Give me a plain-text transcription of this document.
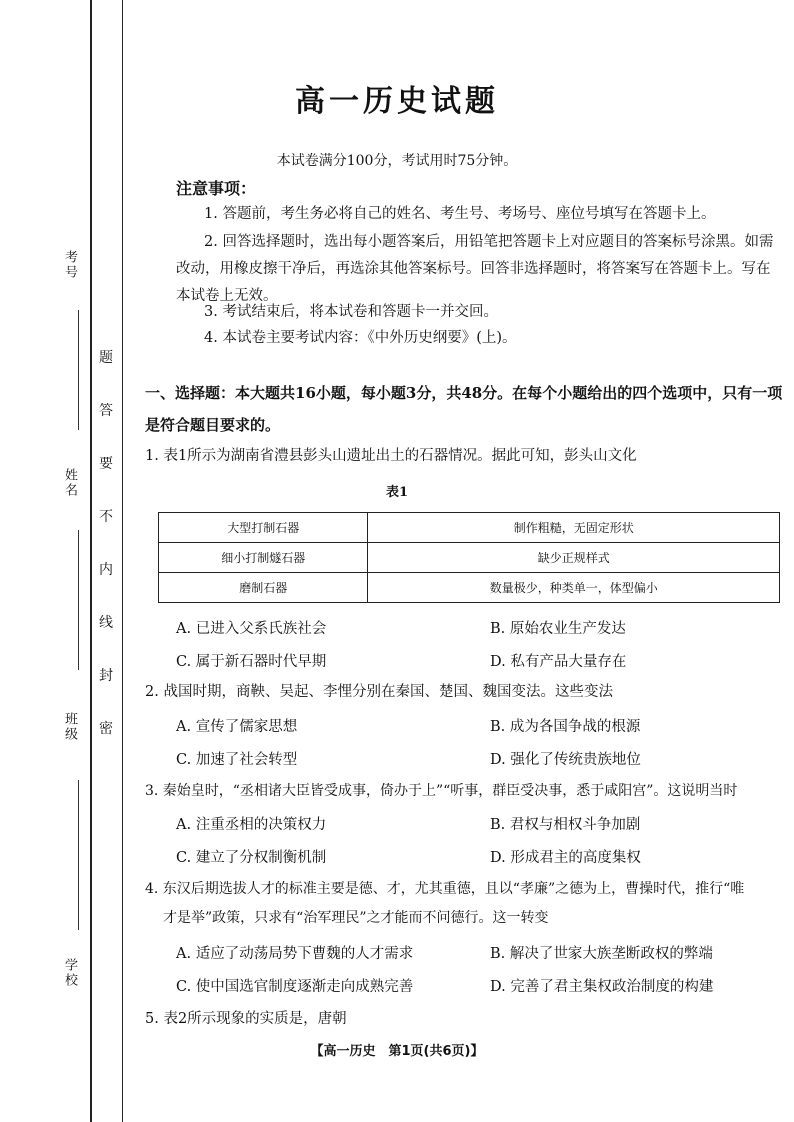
考号
姓名
班级
学校
题
答
要
不
内
线
封
密
高一历史试题
本试卷满分100分，考试用时75分钟。
注意事项：
1. 答题前，考生务必将自己的姓名、考生号、考场号、座位号填写在答题卡上。
2. 回答选择题时，选出每小题答案后，用铅笔把答题卡上对应题目的答案标号涂黑。如需改动，用橡皮擦干净后，再选涂其他答案标号。回答非选择题时，将答案写在答题卡上。写在本试卷上无效。
3. 考试结束后，将本试卷和答题卡一并交回。
4. 本试卷主要考试内容：《中外历史纲要》(上)。
一、选择题：本大题共16小题，每小题3分，共48分。在每个小题给出的四个选项中，只有一项是符合题目要求的。
1. 表1所示为湖南省澧县彭头山遗址出土的石器情况。据此可知，彭头山文化
表1
大型打制石器	制作粗糙，无固定形状
细小打制燧石器	缺少正规样式
磨制石器	数量极少，种类单一，体型偏小
A. 已进入父系氏族社会	B. 原始农业生产发达
C. 属于新石器时代早期	D. 私有产品大量存在
2. 战国时期，商鞅、吴起、李悝分别在秦国、楚国、魏国变法。这些变法
A. 宣传了儒家思想	B. 成为各国争战的根源
C. 加速了社会转型	D. 强化了传统贵族地位
3. 秦始皇时，“丞相诸大臣皆受成事，倚办于上”“听事，群臣受决事，悉于咸阳宫”。这说明当时
A. 注重丞相的决策权力	B. 君权与相权斗争加剧
C. 建立了分权制衡机制	D. 形成君主的高度集权
4. 东汉后期选拔人才的标准主要是德、才，尤其重德，且以“孝廉”之德为上，曹操时代，推行“唯
才是举”政策，只求有“治军理民”之才能而不问德行。这一转变
A. 适应了动荡局势下曹魏的人才需求	B. 解决了世家大族垄断政权的弊端
C. 使中国选官制度逐渐走向成熟完善	D. 完善了君主集权政治制度的构建
5. 表2所示现象的实质是，唐朝
【高一历史　第1页(共6页)】
